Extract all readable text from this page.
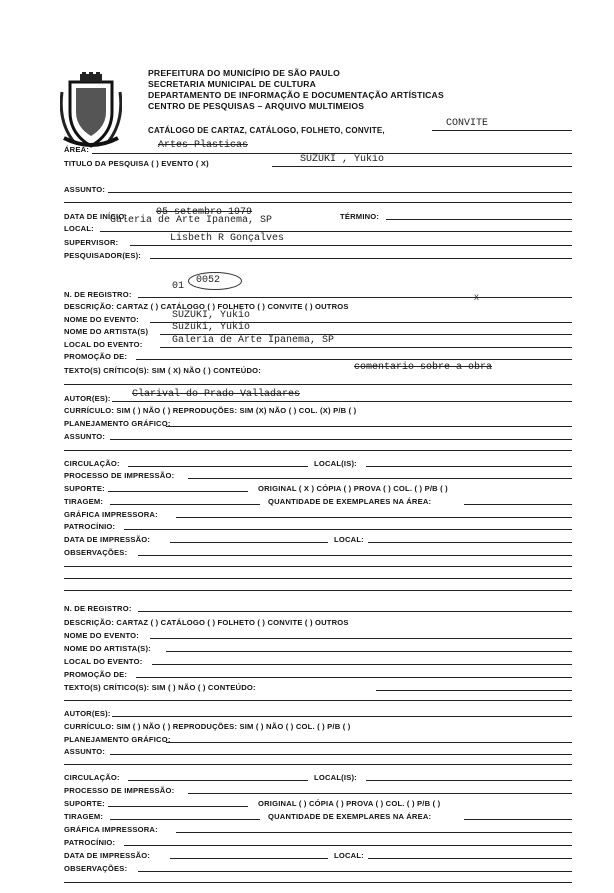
PREFEITURA DO MUNICÍPIO DE SÃO PAULO
SECRETARIA MUNICIPAL DE CULTURA
DEPARTAMENTO DE INFORMAÇÃO E DOCUMENTAÇÃO ARTÍSTICAS
CENTRO DE PESQUISAS – ARQUIVO MULTIMEIOS
CATÁLOGO DE CARTAZ, CATÁLOGO, FOLHETO, CONVITE,
CONVITE
ÁREA:	Artes Plasticas
TITULO DA PESQUISA ( ) EVENTO ( X)	SUZUKI , Yukio
ASSUNTO:
DATA DE INÍCIO:	05 setembro 1979	TÉRMINO:
LOCAL:
Galeria de Arte Ipanema, SP
SUPERVISOR:	Lisbeth R Gonçalves
PESQUISADOR(ES):
N. DE REGISTRO:
01
0052
DESCRIÇÃO: CARTAZ ( ) CATÁLOGO ( ) FOLHETO ( ) CONVITE ( ) OUTROS
X
NOME DO EVENTO:	SUZUKI, Yukio
NOME DO ARTISTA(S) Suzuki, Yukio
LOCAL DO EVENTO:	Galeria de Arte Ipanema, SP
PROMOÇÃO DE:
TEXTO(S) CRÍTICO(S): SIM ( X) NÃO ( ) CONTEÚDO:	comentario sobre a obra
AUTOR(ES): Clarival do Prado Valladares
CURRÍCULO: SIM ( ) NÃO ( ) REPRODUÇÕES: SIM (X) NÃO ( ) COL. (X) P/B ( )
PLANEJAMENTO GRÁFICO:
ASSUNTO:
CIRCULAÇÃO:	LOCAL(IS):
PROCESSO DE IMPRESSÃO:
SUPORTE:	ORIGINAL ( X ) CÓPIA ( ) PROVA ( ) COL. ( ) P/B ( )
TIRAGEM:	QUANTIDADE DE EXEMPLARES NA ÁREA:
GRÁFICA IMPRESSORA:
PATROCÍNIO:
DATA DE IMPRESSÃO:	LOCAL:
OBSERVAÇÕES:
N. DE REGISTRO:
DESCRIÇÃO: CARTAZ ( ) CATÁLOGO ( ) FOLHETO ( ) CONVITE ( ) OUTROS
NOME DO EVENTO:
NOME DO ARTISTA(S):
LOCAL DO EVENTO:
PROMOÇÃO DE:
TEXTO(S) CRÍTICO(S): SIM ( ) NÃO ( ) CONTEÚDO:
AUTOR(ES):
CURRÍCULO: SIM ( ) NÃO ( ) REPRODUÇÕES: SIM ( ) NÃO ( ) COL. ( ) P/B ( )
PLANEJAMENTO GRÁFICO:
ASSUNTO:
CIRCULAÇÃO:	LOCAL(IS):
PROCESSO DE IMPRESSÃO:
SUPORTE:	ORIGINAL ( ) CÓPIA ( ) PROVA ( ) COL. ( ) P/B ( )
TIRAGEM:	QUANTIDADE DE EXEMPLARES NA ÁREA:
GRÁFICA IMPRESSORA:
PATROCÍNIO:
DATA DE IMPRESSÃO:	LOCAL:
OBSERVAÇÕES:
